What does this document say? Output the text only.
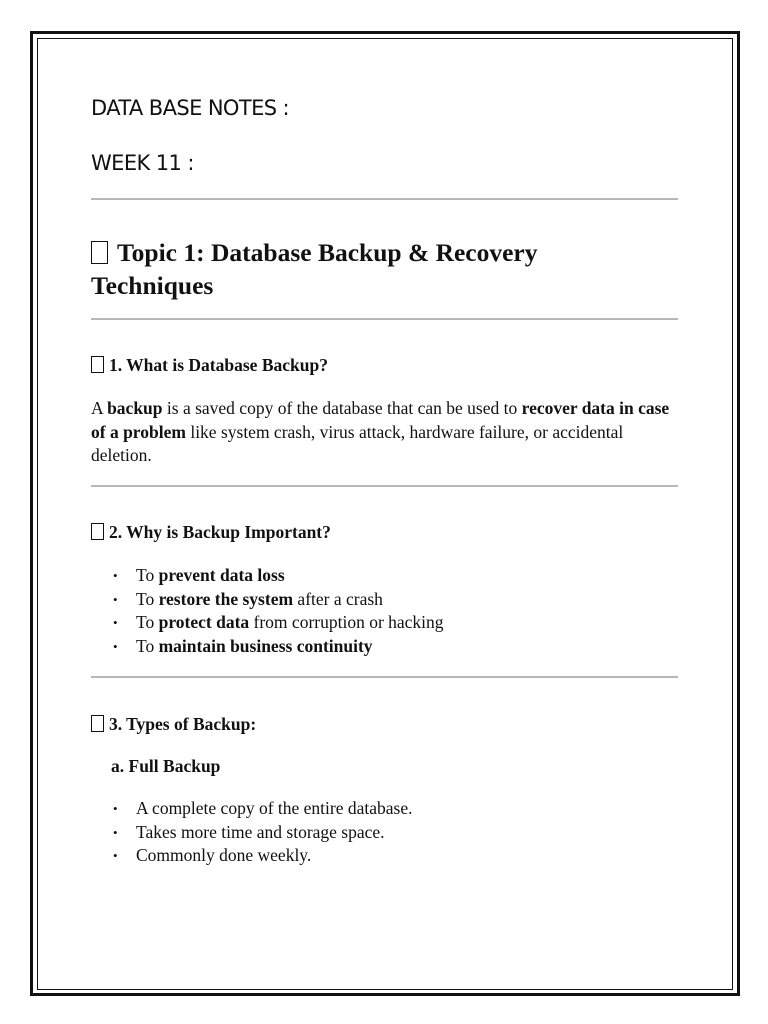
DATA BASE NOTES :
WEEK 11 :
Topic 1: Database Backup & Recovery
Techniques
1. What is Database Backup?
A backup is a saved copy of the database that can be used to recover data in case of a problem like system crash, virus attack, hardware failure, or accidental deletion.
2. Why is Backup Important?
• To prevent data loss
• To restore the system after a crash
• To protect data from corruption or hacking
• To maintain business continuity
3. Types of Backup:
a. Full Backup
• A complete copy of the entire database.
• Takes more time and storage space.
• Commonly done weekly.
